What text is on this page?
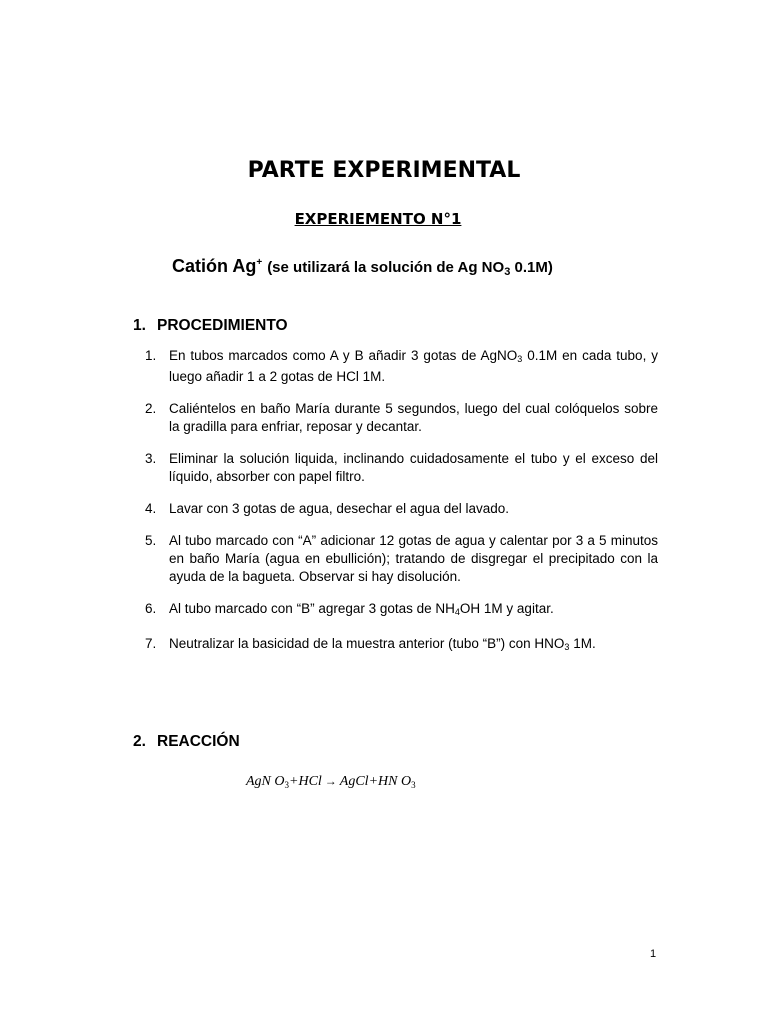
PARTE EXPERIMENTAL
EXPERIEMENTO N°1
Catión Ag+ (se utilizará la solución de Ag $NO_3$ 0.1M)
1. PROCEDIMIENTO
1. En tubos marcados como A y B añadir 3 gotas de AgNO$_3$ 0.1M en cada tubo, y luego añadir 1 a 2 gotas de HCl 1M.
2. Caliéntelos en baño María durante 5 segundos, luego del cual colóquelos sobre la gradilla para enfriar, reposar y decantar.
3. Eliminar la solución liquida, inclinando cuidadosamente el tubo y el exceso del líquido, absorber con papel filtro.
4. Lavar con 3 gotas de agua, desechar el agua del lavado.
5. Al tubo marcado con “A” adicionar 12 gotas de agua y calentar por 3 a 5 minutos en baño María (agua en ebullición); tratando de disgregar el precipitado con la ayuda de la bagueta. Observar si hay disolución.
6. Al tubo marcado con “B” agregar 3 gotas de NH4OH 1M y agitar.
7. Neutralizar la basicidad de la muestra anterior (tubo “B”) con $HNO_3$ 1M.
2. REACCIÓN
AgN $O_3+HCl$ → AgCl+HN $O_3$
1
